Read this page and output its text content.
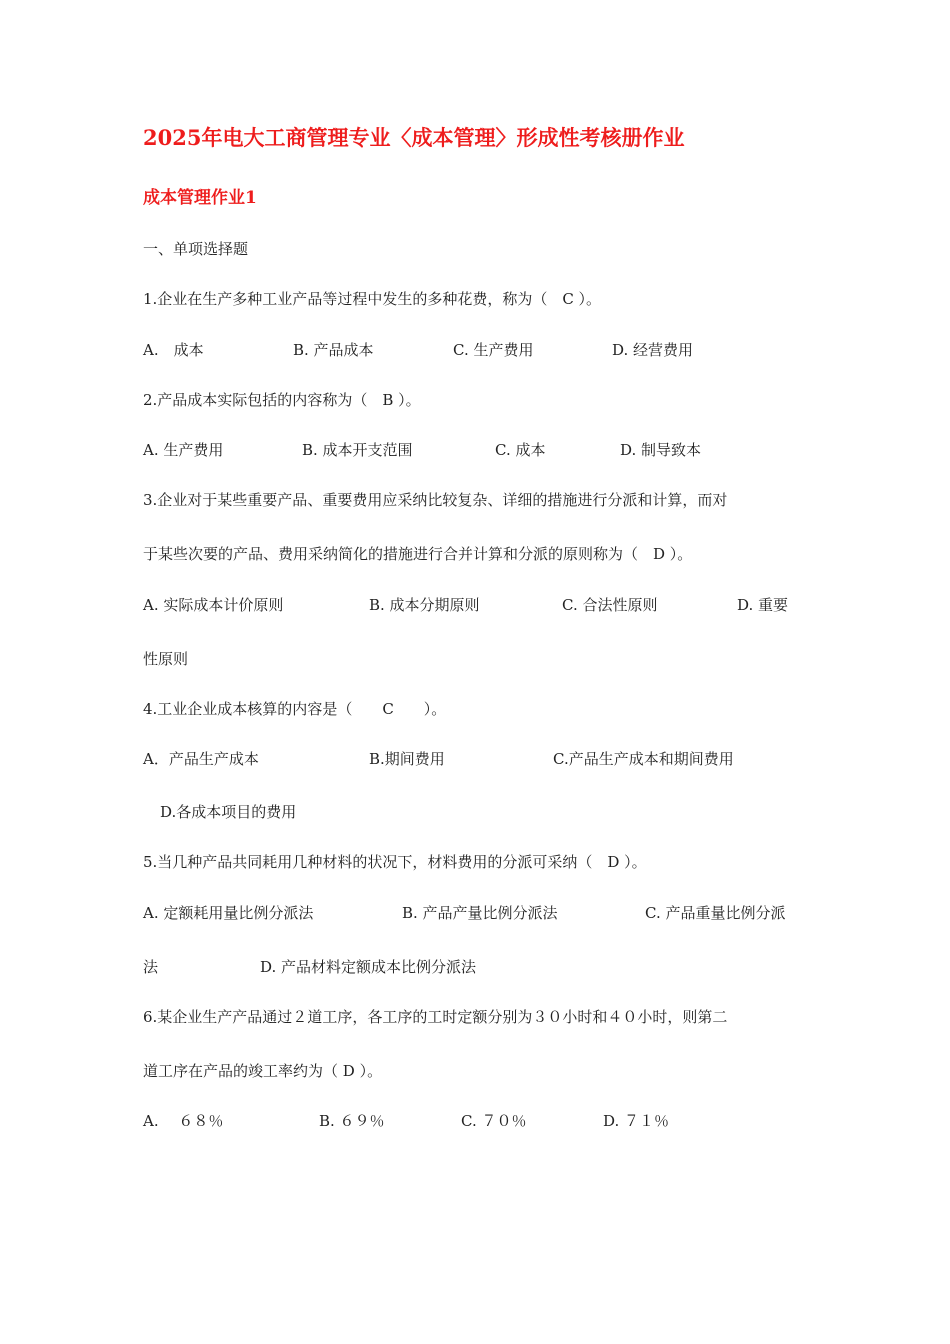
2025年电大工商管理专业〈成本管理〉形成性考核册作业
成本管理作业1
一、单项选择题
1.企业在生产多种工业产品等过程中发生的多种花费，称为（　C ）。
A.　成本	B. 产品成本	C. 生产费用	D. 经营费用
2.产品成本实际包括的内容称为（　B ）。
A. 生产费用	B. 成本开支范围	C. 成本	D. 制导致本
3.企业对于某些重要产品、重要费用应采纳比较复杂、详细的措施进行分派和计算，而对
于某些次要的产品、费用采纳简化的措施进行合并计算和分派的原则称为（　D ）。
A. 实际成本计价原则	B. 成本分期原则	C. 合法性原则	D. 重要
性原则
4.工业企业成本核算的内容是（　　C　　）。
A．产品生产成本	B.期间费用	C.产品生产成本和期间费用
D.各成本项目的费用
5.当几种产品共同耗用几种材料的状况下，材料费用的分派可采纳（　D ）。
A. 定额耗用量比例分派法	B. 产品产量比例分派法	C. 产品重量比例分派
法	D. 产品材料定额成本比例分派法
6.某企业生产产品通过２道工序，各工序的工时定额分别为３０小时和４０小时，则第二
道工序在产品的竣工率约为（ D ）。
A.　 ６８％	B. ６９％	C. ７０％	D. ７１％
